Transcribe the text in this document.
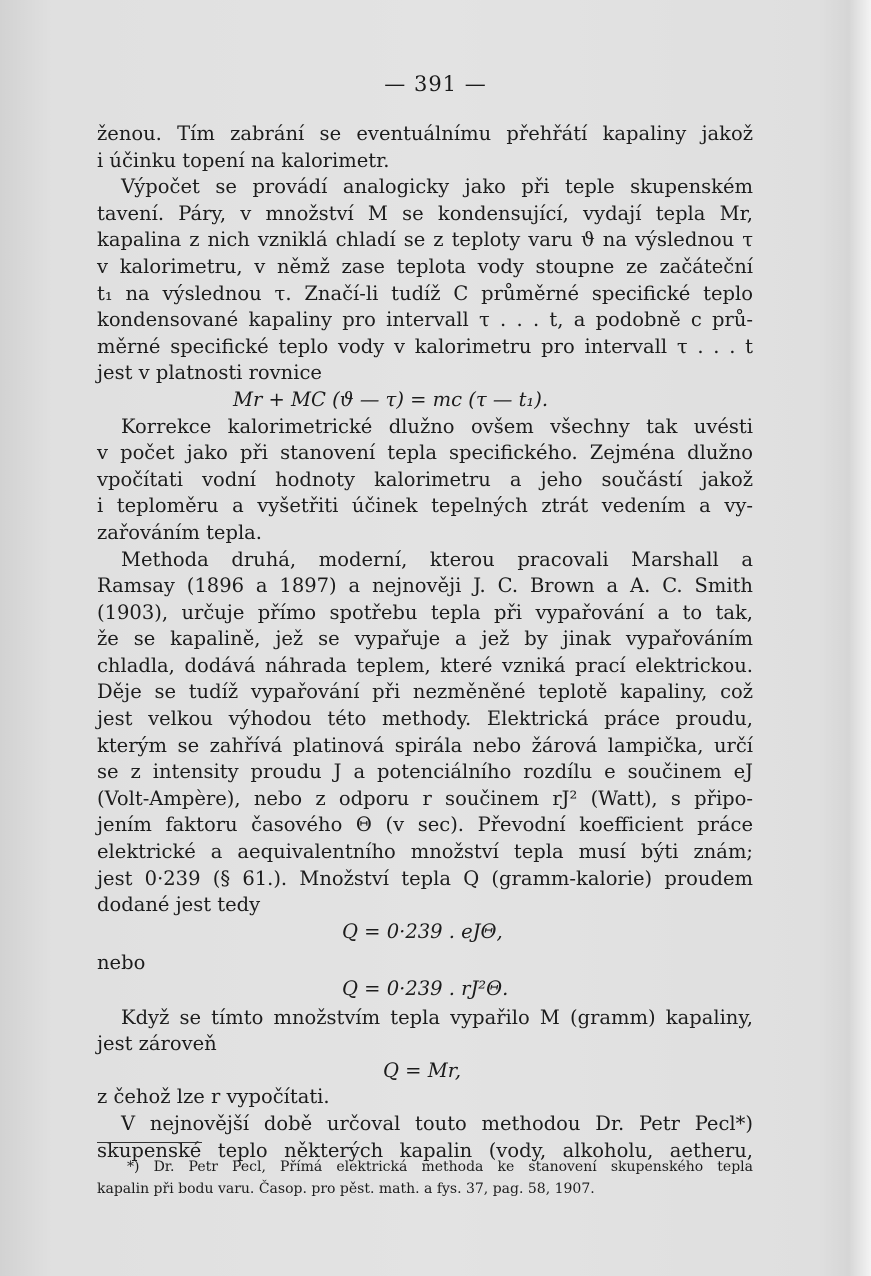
— 391 —
ženou. Tím zabrání se eventuálnímu přehřátí kapaliny jakož
i účinku topení na kalorimetr.
Výpočet se provádí analogicky jako při teple skupenském
tavení. Páry, v množství M se kondensující, vydají tepla Mr,
kapalina z nich vzniklá chladí se z teploty varu ϑ na výslednou τ
v kalorimetru, v němž zase teplota vody stoupne ze začáteční
t₁ na výslednou τ. Značí-li tudíž C průměrné specifické teplo
kondensované kapaliny pro intervall τ . . . t, a podobně c prů-
měrné specifické teplo vody v kalorimetru pro intervall τ . . . t
jest v platnosti rovnice
Mr + MC (ϑ — τ) = mc (τ — t₁).
Korrekce kalorimetrické dlužno ovšem všechny tak uvésti
v počet jako při stanovení tepla specifického. Zejména dlužno
vpočítati vodní hodnoty kalorimetru a jeho součástí jakož
i teploměru a vyšetřiti účinek tepelných ztrát vedením a vy-
zařováním tepla.
Methoda druhá, moderní, kterou pracovali Marshall a
Ramsay (1896 a 1897) a nejnověji J. C. Brown a A. C. Smith
(1903), určuje přímo spotřebu tepla při vypařování a to tak,
že se kapalině, jež se vypařuje a jež by jinak vypařováním
chladla, dodává náhrada teplem, které vzniká prací elektrickou.
Děje se tudíž vypařování při nezměněné teplotě kapaliny, což
jest velkou výhodou této methody. Elektrická práce proudu,
kterým se zahřívá platinová spirála nebo žárová lampička, určí
se z intensity proudu J a potenciálního rozdílu e součinem eJ
(Volt-Ampère), nebo z odporu r součinem rJ² (Watt), s připo-
jením faktoru časového Θ (v sec). Převodní koefficient práce
elektrické a aequivalentního množství tepla musí býti znám;
jest 0·239 (§ 61.). Množství tepla Q (gramm-kalorie) proudem
dodané jest tedy
Q = 0·239 . eJΘ,
nebo
Q = 0·239 . rJ²Θ.
Když se tímto množstvím tepla vypařilo M (gramm) kapaliny,
jest zároveň
Q = Mr,
z čehož lze r vypočítati.
V nejnovější době určoval touto methodou Dr. Petr Pecl*)
skupenské teplo některých kapalin (vody, alkoholu, aetheru,
*) Dr. Petr Pecl, Přímá elektrická methoda ke stanovení skupenského tepla
kapalin při bodu varu. Časop. pro pěst. math. a fys. 37, pag. 58, 1907.
